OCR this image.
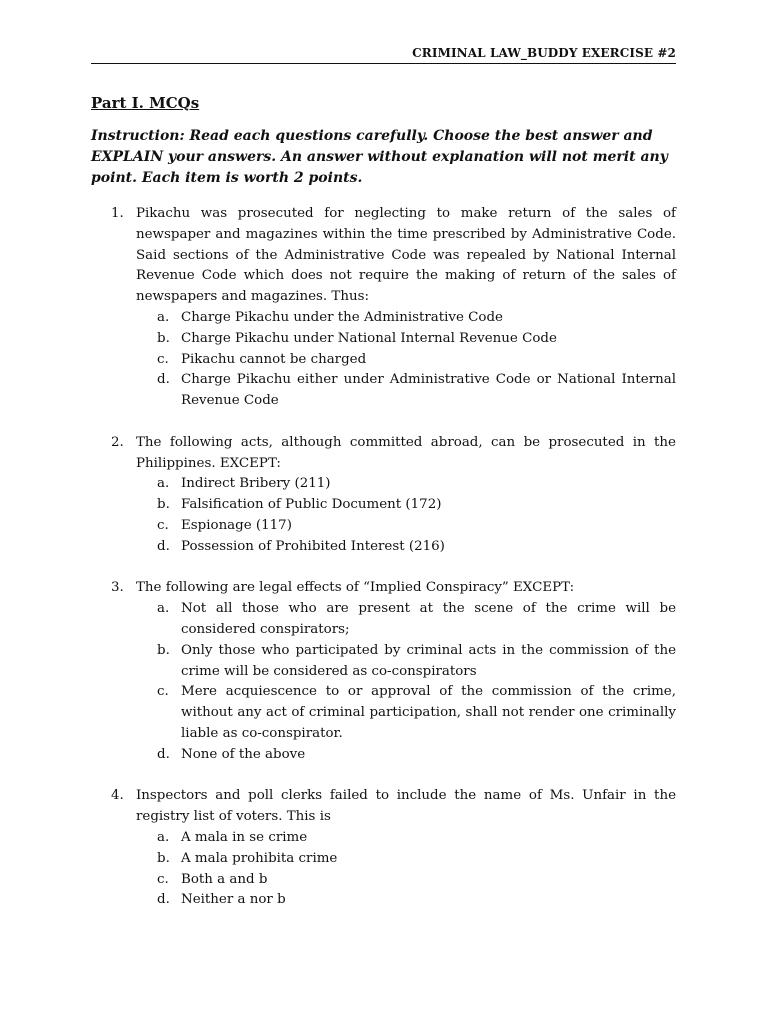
CRIMINAL LAW_BUDDY EXERCISE #2
Part I. MCQs

Instruction: Read each questions carefully. Choose the best answer and EXPLAIN your answers. An answer without explanation will not merit any point. Each item is worth 2 points.

1. Pikachu was prosecuted for neglecting to make return of the sales of newspaper and magazines within the time prescribed by Administrative Code. Said sections of the Administrative Code was repealed by National Internal Revenue Code which does not require the making of return of the sales of newspapers and magazines. Thus:
a. Charge Pikachu under the Administrative Code
b. Charge Pikachu under National Internal Revenue Code
c. Pikachu cannot be charged
d. Charge Pikachu either under Administrative Code or National Internal Revenue Code
2. The following acts, although committed abroad, can be prosecuted in the Philippines. EXCEPT:
a. Indirect Bribery (211)
b. Falsification of Public Document (172)
c. Espionage (117)
d. Possession of Prohibited Interest (216)
3. The following are legal effects of “Implied Conspiracy” EXCEPT:
a. Not all those who are present at the scene of the crime will be considered conspirators;
b. Only those who participated by criminal acts in the commission of the crime will be considered as co-conspirators
c. Mere acquiescence to or approval of the commission of the crime, without any act of criminal participation, shall not render one criminally liable as co-conspirator.
d. None of the above
4. Inspectors and poll clerks failed to include the name of Ms. Unfair in the registry list of voters. This is
a. A mala in se crime
b. A mala prohibita crime
c. Both a and b
d. Neither a nor b
